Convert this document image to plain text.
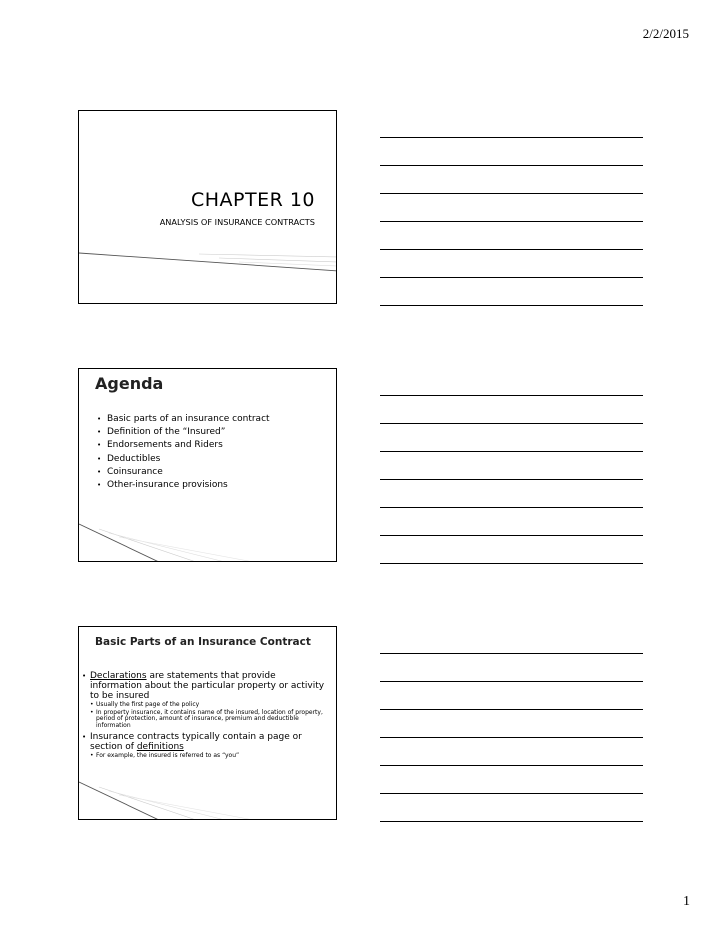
2/2/2015
CHAPTER 10
ANALYSIS OF INSURANCE CONTRACTS
Agenda
• Basic parts of an insurance contract
• Definition of the “Insured”
• Endorsements and Riders
• Deductibles
• Coinsurance
• Other-insurance provisions
Basic Parts of an Insurance Contract
• Declarations are statements that provide information about the particular property or activity to be insured
• Usually the first page of the policy
• In property insurance, it contains name of the insured, location of property, period of protection, amount of insurance, premium and deductible information
• Insurance contracts typically contain a page or section of definitions
• For example, the insured is referred to as “you”
1
